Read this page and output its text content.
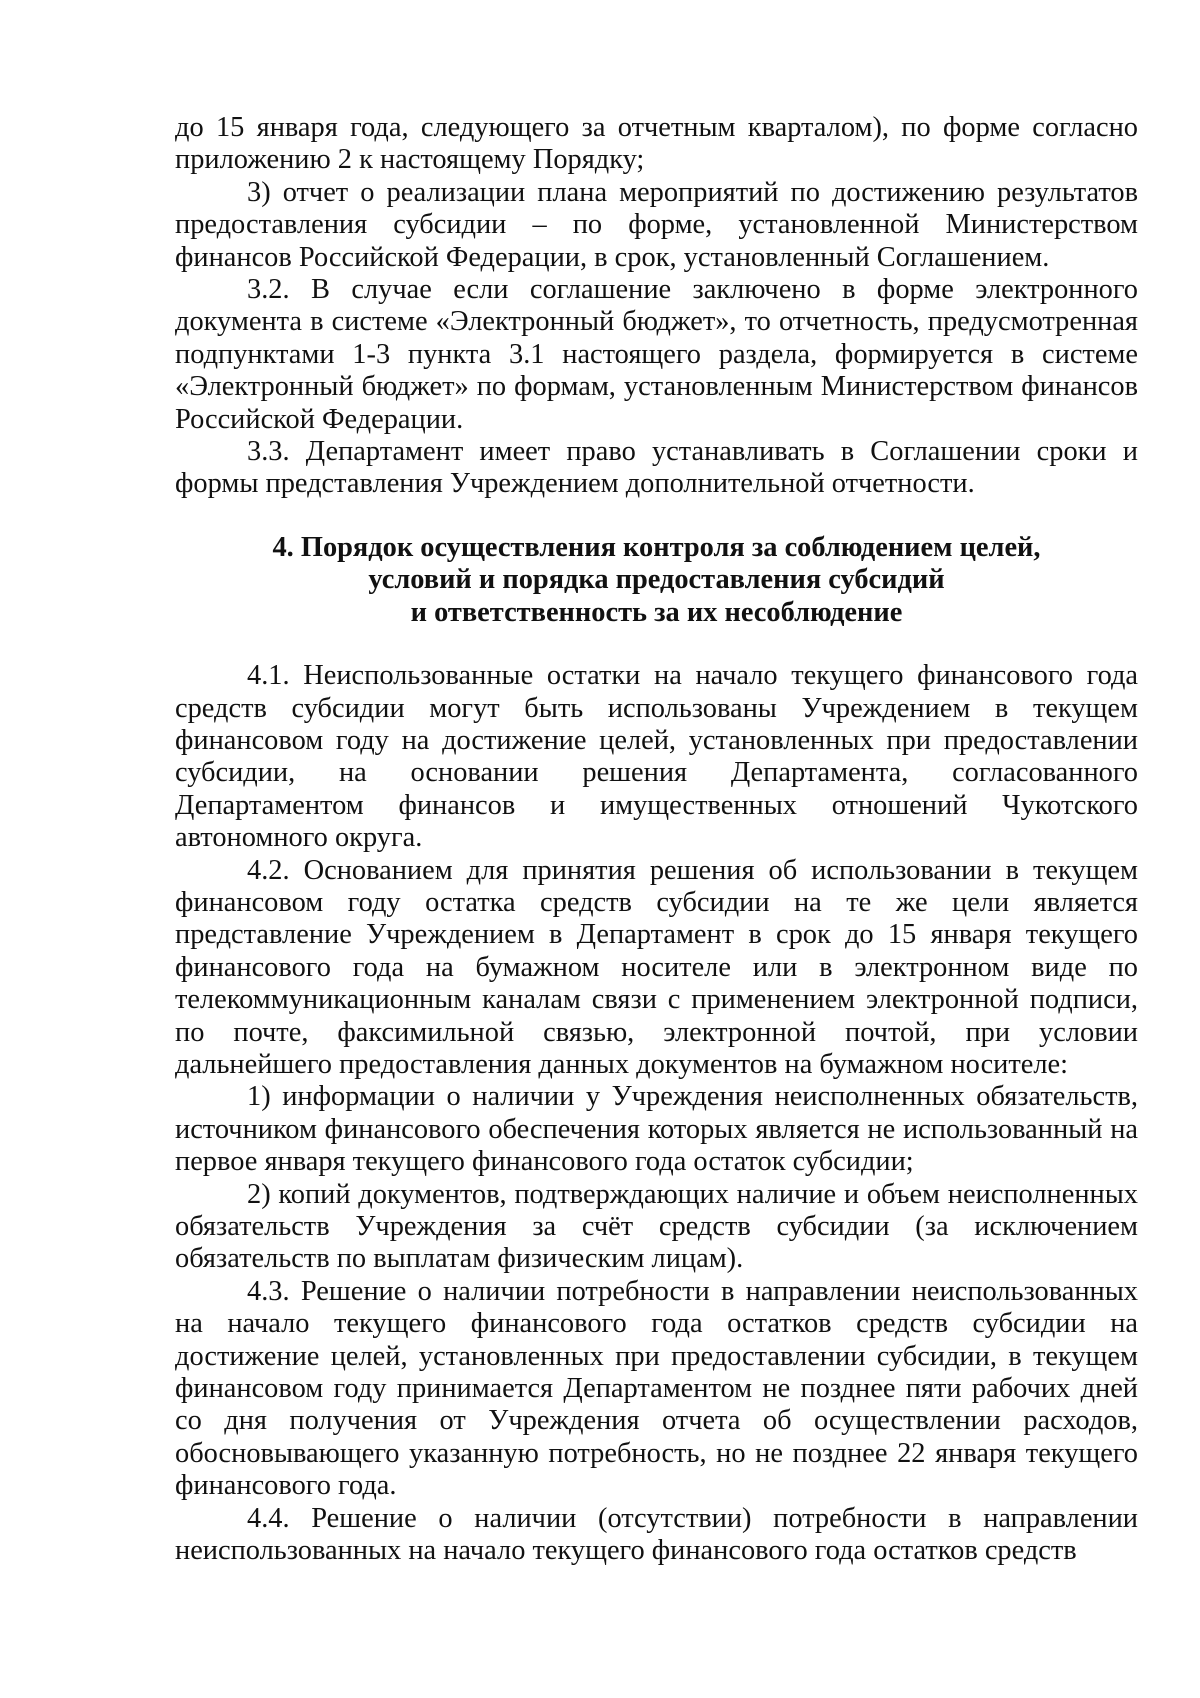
до 15 января года, следующего за отчетным кварталом), по форме согласно приложению 2 к настоящему Порядку;

3) отчет о реализации плана мероприятий по достижению результатов предоставления субсидии – по форме, установленной Министерством финансов Российской Федерации, в срок, установленный Соглашением.

3.2. В случае если соглашение заключено в форме электронного документа в системе «Электронный бюджет», то отчетность, предусмотренная подпунктами 1-3 пункта 3.1 настоящего раздела, формируется в системе «Электронный бюджет» по формам, установленным Министерством финансов Российской Федерации.

3.3. Департамент имеет право устанавливать в Соглашении сроки и формы представления Учреждением дополнительной отчетности.

4. Порядок осуществления контроля за соблюдением целей,
условий и порядка предоставления субсидий
и ответственность за их несоблюдение

4.1. Неиспользованные остатки на начало текущего финансового года средств субсидии могут быть использованы Учреждением в текущем финансовом году на достижение целей, установленных при предоставлении субсидии, на основании решения Департамента, согласованного Департаментом финансов и имущественных отношений Чукотского автономного округа.

4.2. Основанием для принятия решения об использовании в текущем финансовом году остатка средств субсидии на те же цели является представление Учреждением в Департамент в срок до 15 января текущего финансового года на бумажном носителе или в электронном виде по телекоммуникационным каналам связи с применением электронной подписи, по почте, факсимильной связью, электронной почтой, при условии дальнейшего предоставления данных документов на бумажном носителе:

1) информации о наличии у Учреждения неисполненных обязательств, источником финансового обеспечения которых является не использованный на первое января текущего финансового года остаток субсидии;

2) копий документов, подтверждающих наличие и объем неисполненных обязательств Учреждения за счёт средств субсидии (за исключением обязательств по выплатам физическим лицам).

4.3. Решение о наличии потребности в направлении неиспользованных на начало текущего финансового года остатков средств субсидии на достижение целей, установленных при предоставлении субсидии, в текущем финансовом году принимается Департаментом не позднее пяти рабочих дней со дня получения от Учреждения отчета об осуществлении расходов, обосновывающего указанную потребность, но не позднее 22 января текущего финансового года.

4.4. Решение о наличии (отсутствии) потребности в направлении неиспользованных на начало текущего финансового года остатков средств
